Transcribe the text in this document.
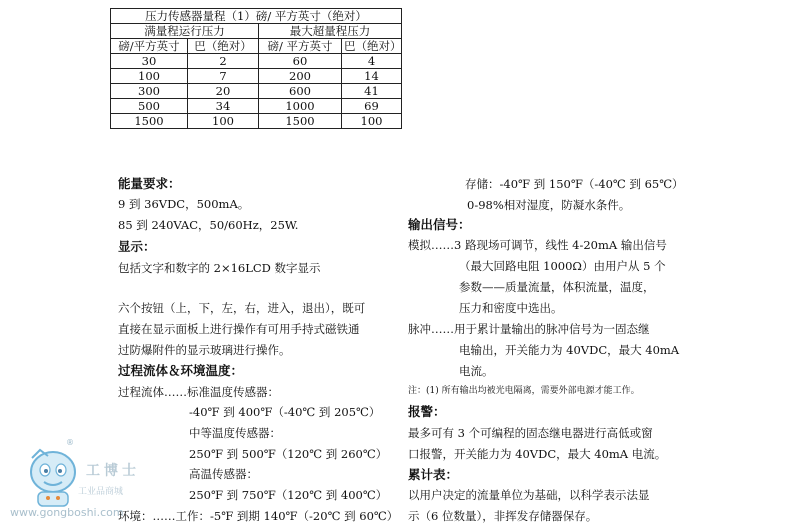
压力传感器量程（1）磅/ 平方英寸（绝对）			
满量程运行压力		最大超量程压力	
磅/平方英寸	巴（绝对）	磅/ 平方英寸	巴（绝对）
30	2	60	4
100	7	200	14
300	20	600	41
500	34	1000	69
1500	100	1500	100
能量要求：
9 到 36VDC，500mA。
85 到 240VAC，50/60Hz，25W.
显示：
包括文字和数字的 2×16LCD 数字显示
六个按钮（上，下，左，右，进入，退出），既可
直接在显示面板上进行操作有可用手持式磁铁通
过防爆附件的显示玻璃进行操作。
过程流体＆环境温度：
过程流体……标准温度传感器：
-40℉ 到 400℉（-40℃ 到 205℃）
中等温度传感器：
250℉ 到 500℉（120℃ 到 260℃）
高温传感器：
250℉ 到 750℉（120℃ 到 400℃）
环境：……工作：-5℉ 到期 140℉（-20℃ 到 60℃）
存储：-40℉ 到 150℉（-40℃ 到 65℃）
0-98%相对湿度，防凝水条件。
输出信号：
模拟……3 路现场可调节，线性 4-20mA 输出信号
（最大回路电阻 1000Ω）由用户从 5 个
参数——质量流量，体积流量，温度，
压力和密度中选出。
脉冲……用于累计量输出的脉冲信号为一固态继
电输出，开关能力为 40VDC，最大 40mA
电流。
注：(1) 所有输出均被光电隔离，需要外部电源才能工作。
报警：
最多可有 3 个可编程的固态继电器进行高低或窗
口报警，开关能力为 40VDC，最大 40mA 电流。
累计表：
以用户决定的流量单位为基础，以科学表示法显
示（6 位数量），非挥发存储器保存。
®
工博士
工业品商城
www.gongboshi.com
